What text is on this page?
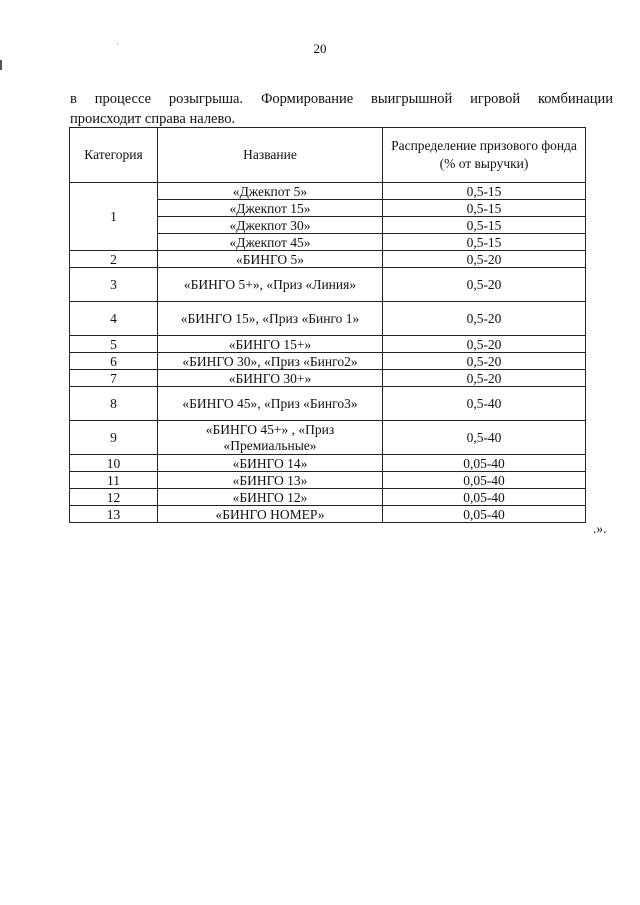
20
в процессе розыгрыша. Формирование выигрышной игровой комбинации
происходит справа налево.
Категория	Название	Распределение призового фонда (% от выручки)
1	«Джекпот 5»	0,5-15
	«Джекпот 15»	0,5-15
	«Джекпот 30»	0,5-15
	«Джекпот 45»	0,5-15
2	«БИНГО 5»	0,5-20
3	«БИНГО 5+», «Приз «Линия»	0,5-20
4	«БИНГО 15», «Приз «Бинго 1»	0,5-20
5	«БИНГО 15+»	0,5-20
6	«БИНГО 30», «Приз «Бинго2»	0,5-20
7	«БИНГО 30+»	0,5-20
8	«БИНГО 45», «Приз «Бинго3»	0,5-40
9	«БИНГО 45+» , «Приз «Премиальные»	0,5-40
10	«БИНГО 14»	0,05-40
11	«БИНГО 13»	0,05-40
12	«БИНГО 12»	0,05-40
13	«БИНГО НОМЕР»	0,05-40
.».
